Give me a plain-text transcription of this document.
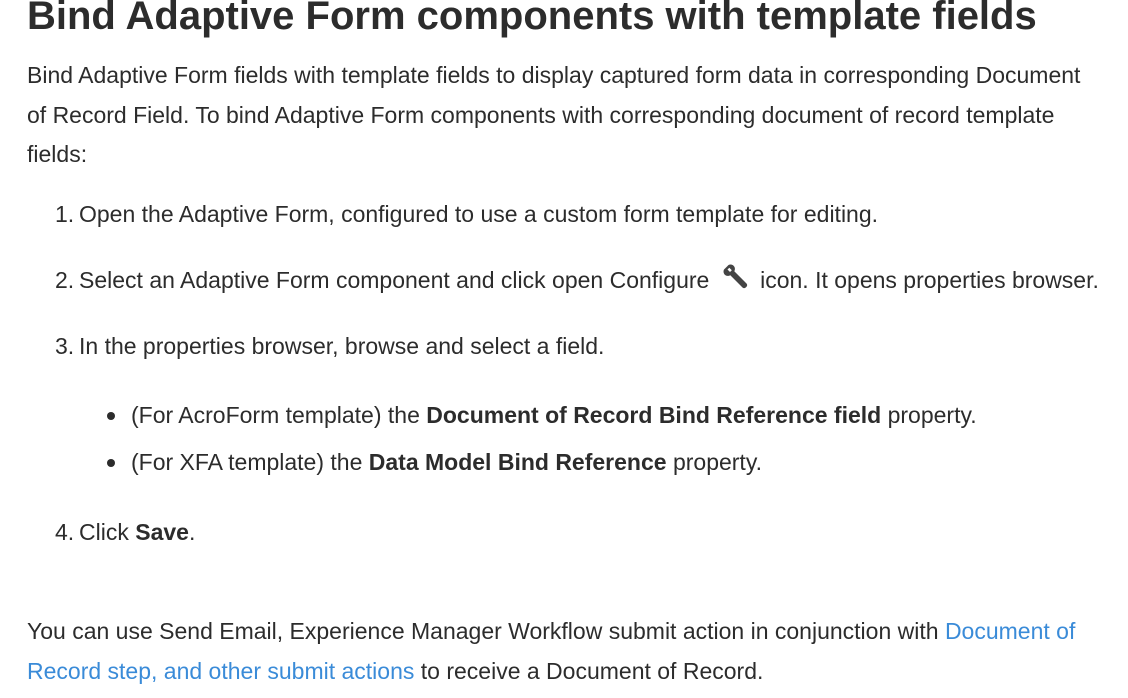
Bind Adaptive Form components with template fields

Bind Adaptive Form fields with template fields to display captured form data in corresponding Document of Record Field. To bind Adaptive Form components with corresponding document of record template fields:

1. Open the Adaptive Form, configured to use a custom form template for editing.
2. Select an Adaptive Form component and click open Configure icon. It opens properties browser.
3. In the properties browser, browse and select a field.
(For AcroForm template) the Document of Record Bind Reference field property.
(For XFA template) the Data Model Bind Reference property.
4. Click Save.

You can use Send Email, Experience Manager Workflow submit action in conjunction with Document of Record step, and other submit actions to receive a Document of Record.
